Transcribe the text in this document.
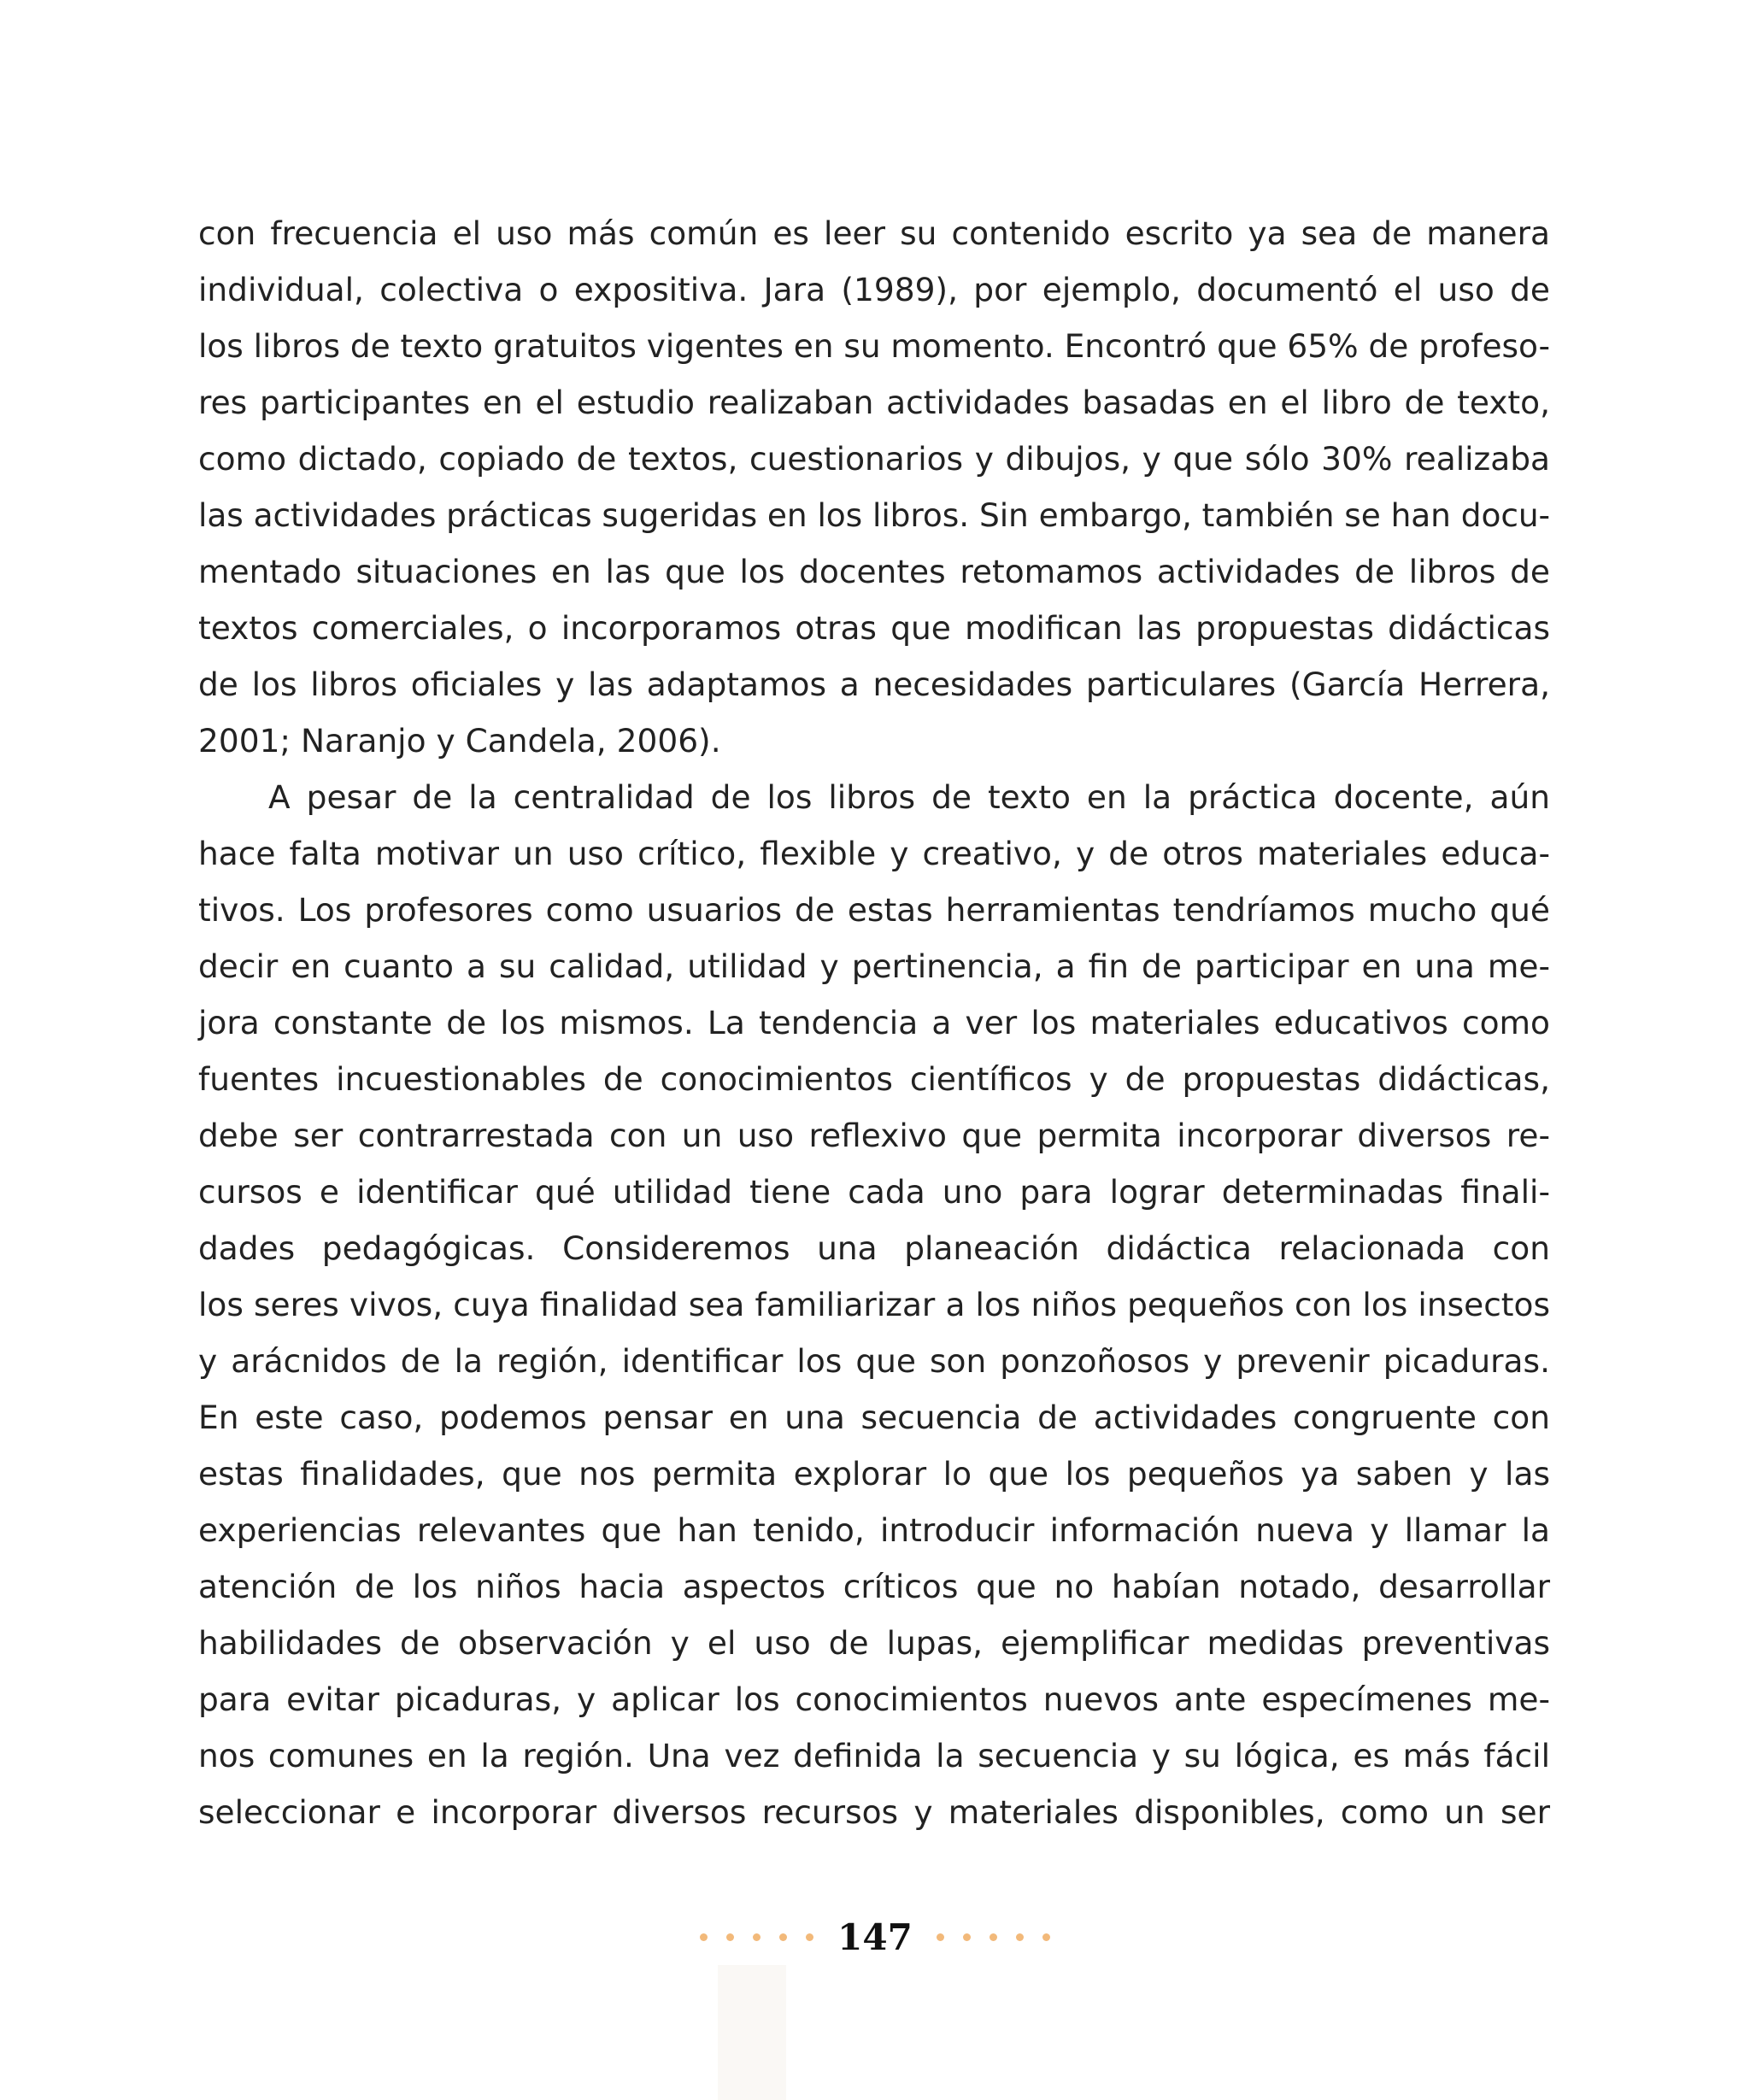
con frecuencia el uso más común es leer su contenido escrito ya sea de manera
individual, colectiva o expositiva. Jara (1989), por ejemplo, documentó el uso de
los libros de texto gratuitos vigentes en su momento. Encontró que 65% de profeso-
res participantes en el estudio realizaban actividades basadas en el libro de texto,
como dictado, copiado de textos, cuestionarios y dibujos, y que sólo 30% realizaba
las actividades prácticas sugeridas en los libros. Sin embargo, también se han docu-
mentado situaciones en las que los docentes retomamos actividades de libros de
textos comerciales, o incorporamos otras que modifican las propuestas didácticas
de los libros oficiales y las adaptamos a necesidades particulares (García Herrera,
2001; Naranjo y Candela, 2006).

A pesar de la centralidad de los libros de texto en la práctica docente, aún
hace falta motivar un uso crítico, flexible y creativo, y de otros materiales educa-
tivos. Los profesores como usuarios de estas herramientas tendríamos mucho qué
decir en cuanto a su calidad, utilidad y pertinencia, a fin de participar en una me-
jora constante de los mismos. La tendencia a ver los materiales educativos como
fuentes incuestionables de conocimientos científicos y de propuestas didácticas,
debe ser contrarrestada con un uso reflexivo que permita incorporar diversos re-
cursos e identificar qué utilidad tiene cada uno para lograr determinadas finali-
dades pedagógicas. Consideremos una planeación didáctica relacionada con
los seres vivos, cuya finalidad sea familiarizar a los niños pequeños con los insectos
y arácnidos de la región, identificar los que son ponzoñosos y prevenir picaduras.
En este caso, podemos pensar en una secuencia de actividades congruente con
estas finalidades, que nos permita explorar lo que los pequeños ya saben y las
experiencias relevantes que han tenido, introducir información nueva y llamar la
atención de los niños hacia aspectos críticos que no habían notado, desarrollar
habilidades de observación y el uso de lupas, ejemplificar medidas preventivas
para evitar picaduras, y aplicar los conocimientos nuevos ante especímenes me-
nos comunes en la región. Una vez definida la secuencia y su lógica, es más fácil
seleccionar e incorporar diversos recursos y materiales disponibles, como un ser

147
